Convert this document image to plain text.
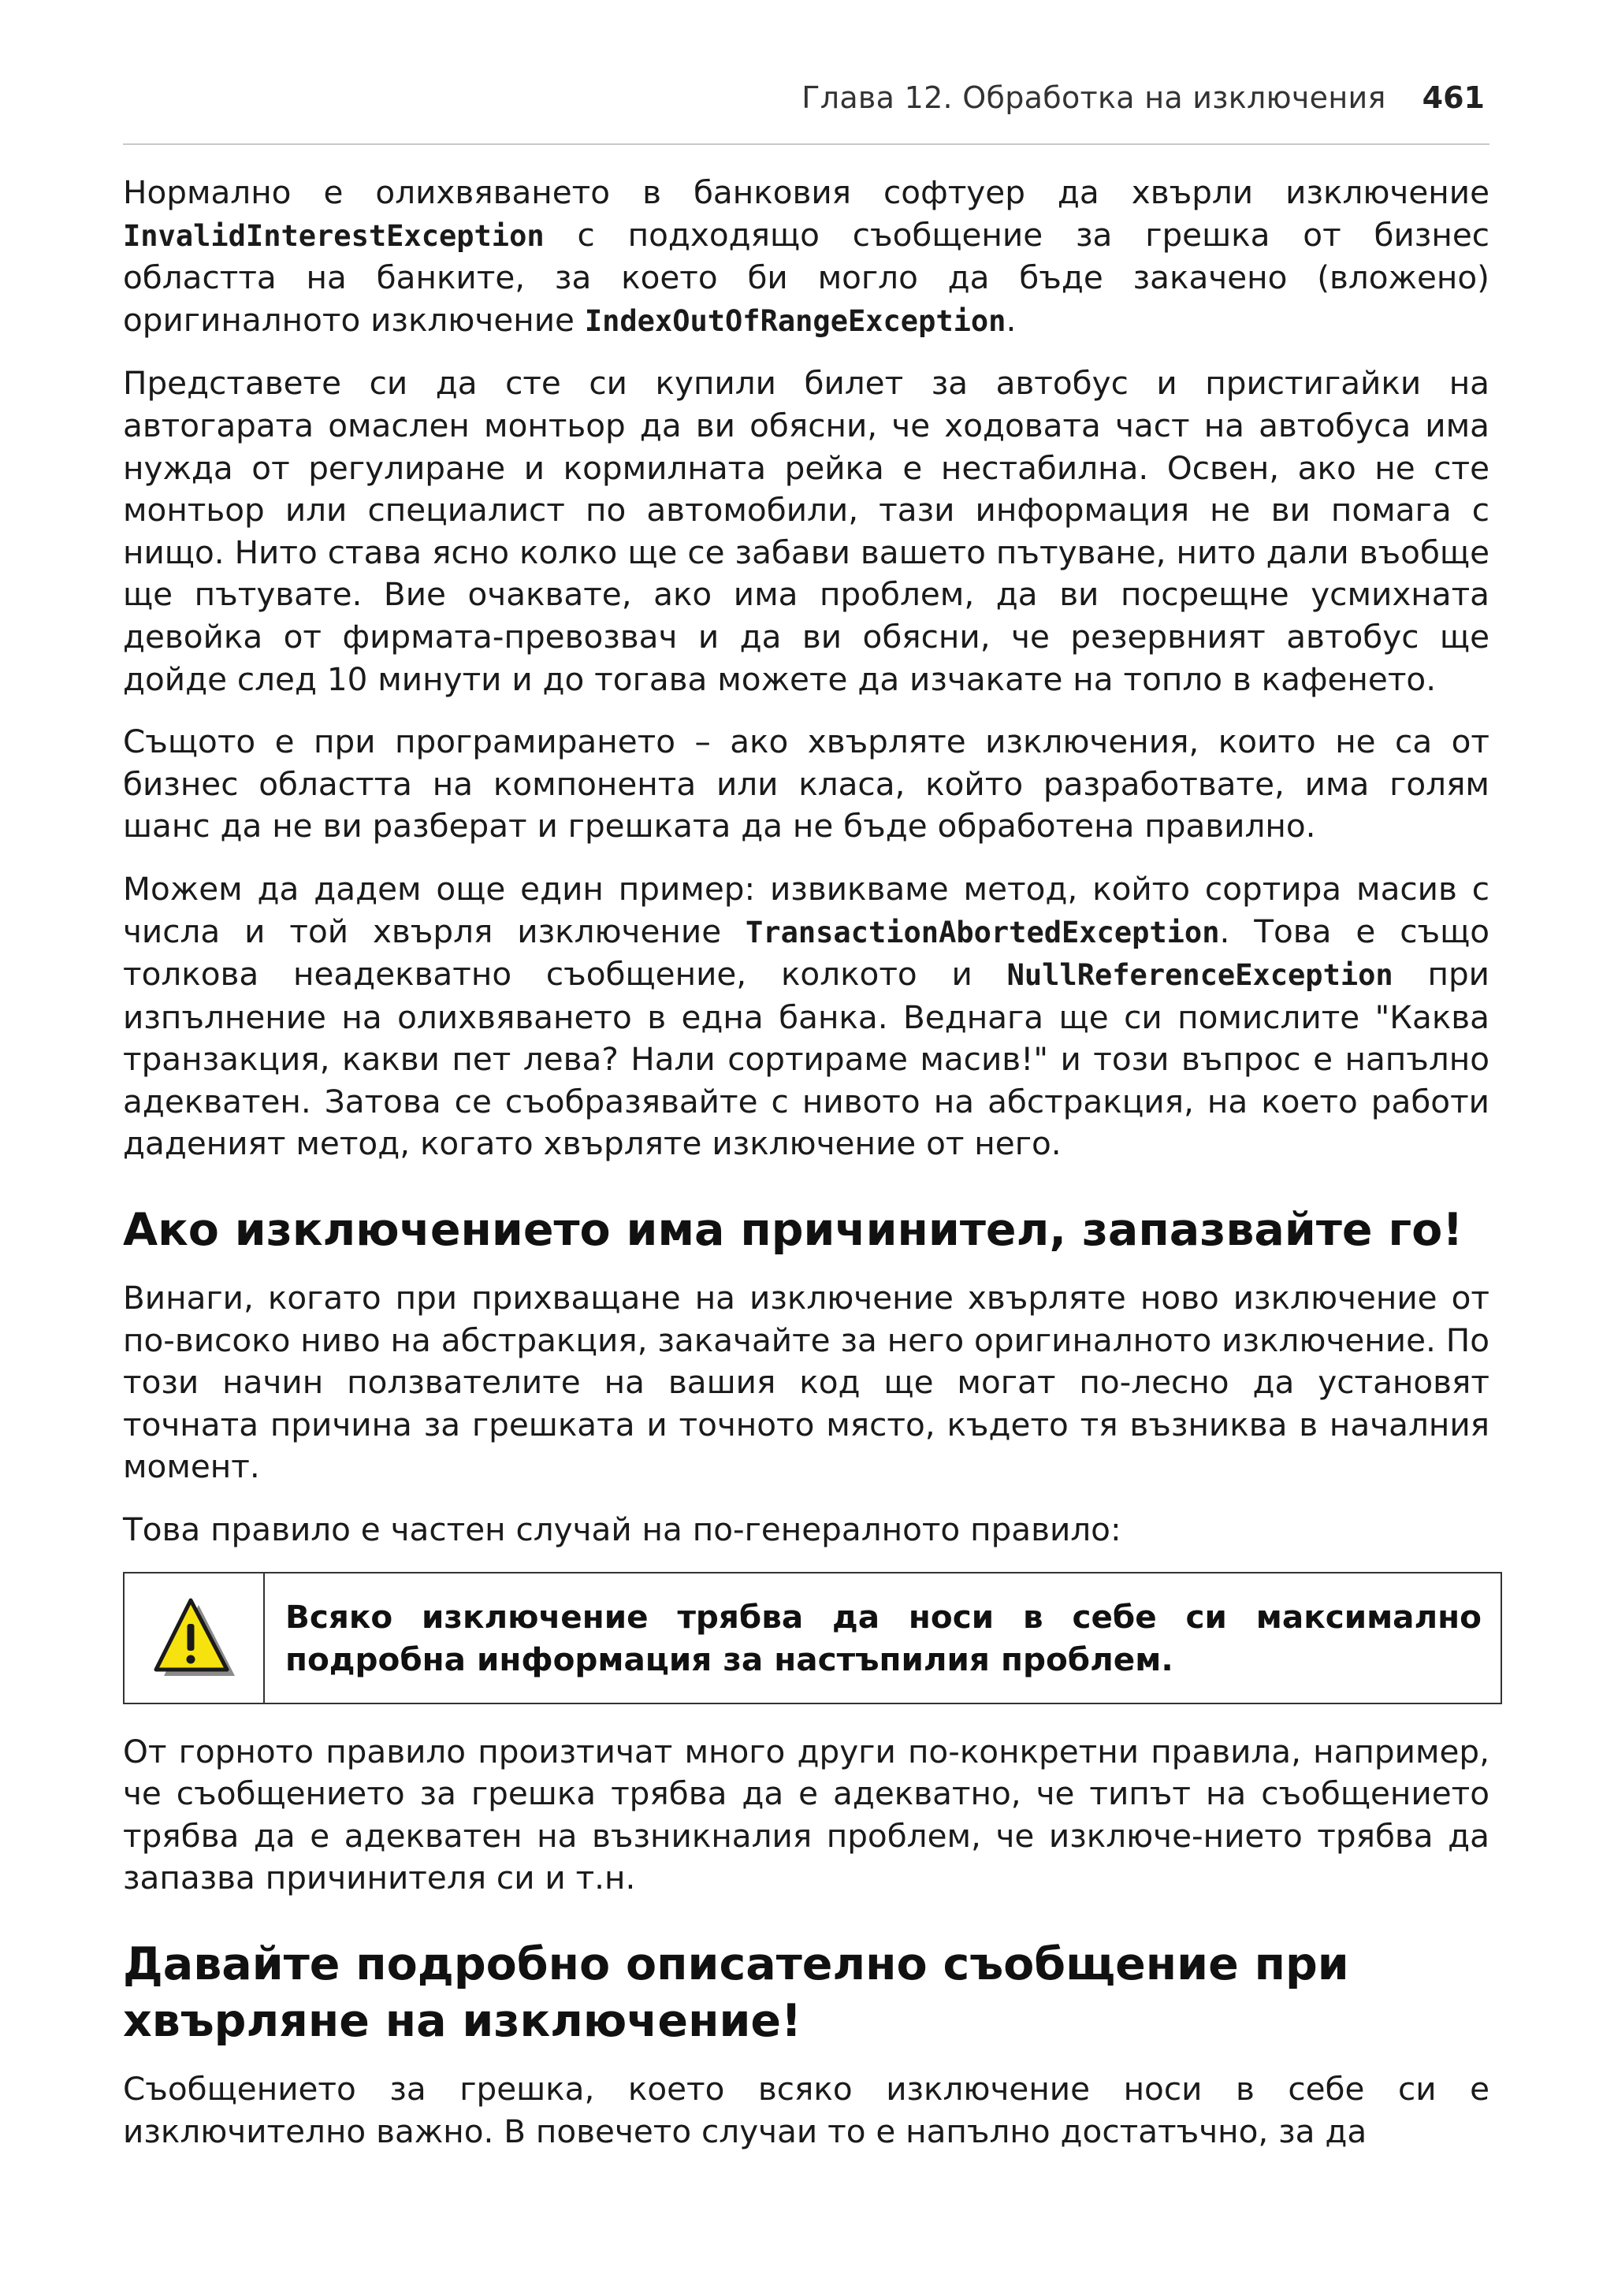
Глава 12. Обработка на изключения 461

Нормално е олихвяването в банковия софтуер да хвърли изключение InvalidInterestException с подходящо съобщение за грешка от бизнес областта на банките, за което би могло да бъде закачено (вложено) оригиналното изключение IndexOutOfRangeException.

Представете си да сте си купили билет за автобус и пристигайки на автогарата омаслен монтьор да ви обясни, че ходовата част на автобуса има нужда от регулиране и кормилната рейка е нестабилна. Освен, ако не сте монтьор или специалист по автомобили, тази информация не ви помага с нищо. Нито става ясно колко ще се забави вашето пътуване, нито дали въобще ще пътувате. Вие очаквате, ако има проблем, да ви посрещне усмихната девойка от фирмата-превозвач и да ви обясни, че резервният автобус ще дойде след 10 минути и до тогава можете да изчакате на топло в кафенето.

Същото е при програмирането – ако хвърляте изключения, които не са от бизнес областта на компонента или класа, който разработвате, има голям шанс да не ви разберат и грешката да не бъде обработена правилно.

Можем да дадем още един пример: извикваме метод, който сортира масив с числа и той хвърля изключение TransactionAbortedException. Това е също толкова неадекватно съобщение, колкото и NullReferenceException при изпълнение на олихвяването в една банка. Веднага ще си помислите "Каква транзакция, какви пет лева? Нали сортираме масив!" и този въпрос е напълно адекватен. Затова се съобразявайте с нивото на абстракция, на което работи даденият метод, когато хвърляте изключение от него.

Ако изключението има причинител, запазвайте го!

Винаги, когато при прихващане на изключение хвърляте ново изключение от по-високо ниво на абстракция, закачайте за него оригиналното изключение. По този начин ползвателите на вашия код ще могат по-лесно да установят точната причина за грешката и точното място, където тя възниква в началния момент.

Това правило е частен случай на по-генералното правило:

Всяко изключение трябва да носи в себе си максимално подробна информация за настъпилия проблем.

От горното правило произтичат много други по-конкретни правила, например, че съобщението за грешка трябва да е адекватно, че типът на съобщението трябва да е адекватен на възникналия проблем, че изключе-нието трябва да запазва причинителя си и т.н.

Давайте подробно описателно съобщение при хвърляне на изключение!

Съобщението за грешка, което всяко изключение носи в себе си е изключително важно. В повечето случаи то е напълно достатъчно, за да
